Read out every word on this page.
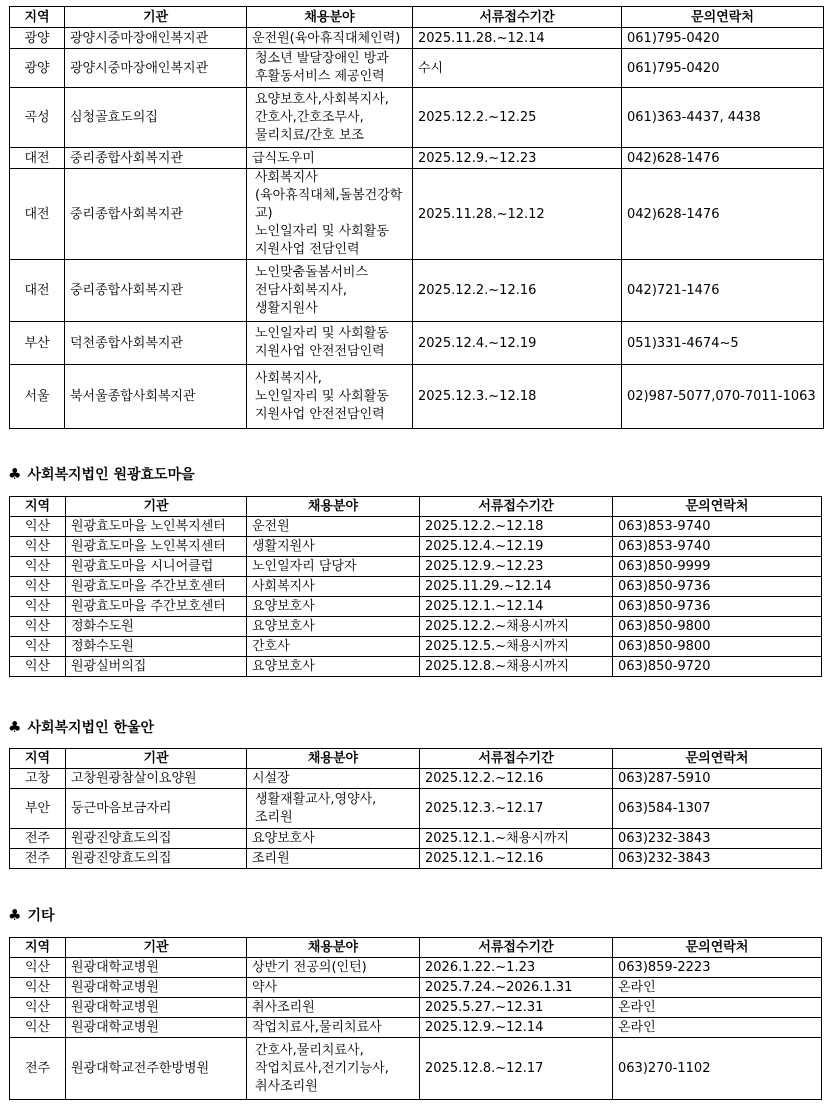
지역	기관	채용분야	서류접수기간	문의연락처
광양	광양시중마장애인복지관	운전원(육아휴직대체인력)	2025.11.28.~12.14	061)795-0420
광양	광양시중마장애인복지관	청소년 발달장애인 방과
후활동서비스 제공인력	수시	061)795-0420
곡성	심청골효도의집	요양보호사,사회복지사,
간호사,간호조무사,
물리치료/간호 보조	2025.12.2.~12.25	061)363-4437, 4438
대전	중리종합사회복지관	급식도우미	2025.12.9.~12.23	042)628-1476
대전	중리종합사회복지관	사회복지사
(육아휴직대체,돌봄건강학교)
노인일자리 및 사회활동
지원사업 전담인력	2025.11.28.~12.12	042)628-1476
대전	중리종합사회복지관	노인맞춤돌봄서비스
전담사회복지사,
생활지원사	2025.12.2.~12.16	042)721-1476
부산	덕천종합사회복지관	노인일자리 및 사회활동
지원사업 안전전담인력	2025.12.4.~12.19	051)331-4674~5
서울	북서울종합사회복지관	사회복지사,
노인일자리 및 사회활동
지원사업 안전전담인력	2025.12.3.~12.18	02)987-5077,070-7011-1063
♣ 사회복지법인 원광효도마을
지역	기관	채용분야	서류접수기간	문의연락처
익산	원광효도마을 노인복지센터	운전원	2025.12.2.~12.18	063)853-9740
익산	원광효도마을 노인복지센터	생활지원사	2025.12.4.~12.19	063)853-9740
익산	원광효도마을 시니어클럽	노인일자리 담당자	2025.12.9.~12.23	063)850-9999
익산	원광효도마을 주간보호센터	사회복지사	2025.11.29.~12.14	063)850-9736
익산	원광효도마을 주간보호센터	요양보호사	2025.12.1.~12.14	063)850-9736
익산	정화수도원	요양보호사	2025.12.2.~채용시까지	063)850-9800
익산	정화수도원	간호사	2025.12.5.~채용시까지	063)850-9800
익산	원광실버의집	요양보호사	2025.12.8.~채용시까지	063)850-9720
♣ 사회복지법인 한울안
지역	기관	채용분야	서류접수기간	문의연락처
고창	고창원광참살이요양원	시설장	2025.12.2.~12.16	063)287-5910
부안	둥근마음보금자리	생활재활교사,영양사,
조리원	2025.12.3.~12.17	063)584-1307
전주	원광진양효도의집	요양보호사	2025.12.1.~채용시까지	063)232-3843
전주	원광진양효도의집	조리원	2025.12.1.~12.16	063)232-3843
♣ 기타
지역	기관	채용분야	서류접수기간	문의연락처
익산	원광대학교병원	상반기 전공의(인턴)	2026.1.22.~1.23	063)859-2223
익산	원광대학교병원	약사	2025.7.24.~2026.1.31	온라인
익산	원광대학교병원	취사조리원	2025.5.27.~12.31	온라인
익산	원광대학교병원	작업치료사,물리치료사	2025.12.9.~12.14	온라인
전주	원광대학교전주한방병원	간호사,물리치료사,
작업치료사,전기기능사,
취사조리원	2025.12.8.~12.17	063)270-1102
